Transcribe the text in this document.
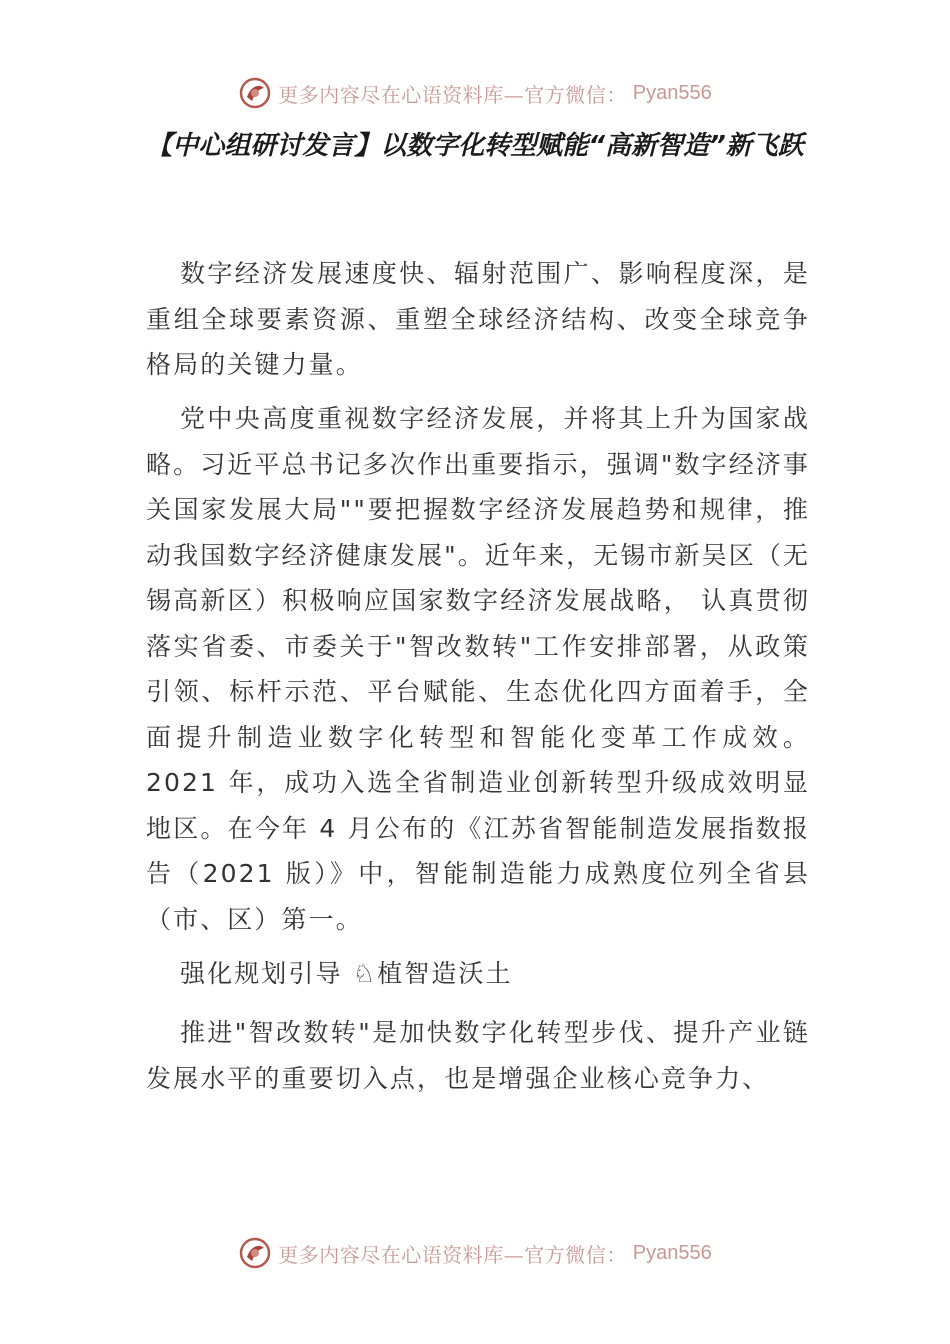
更多内容尽在心语资料库—官方微信： Pyan556
【中心组研讨发言】以数字化转型赋能“高新智造”新飞跃

数字经济发展速度快、辐射范围广、影响程度深，是重组全球要素资源、重塑全球经济结构、改变全球竞争格局的关键力量。

党中央高度重视数字经济发展，并将其上升为国家战略。习近平总书记多次作出重要指示，强调"数字经济事关国家发展大局""要把握数字经济发展趋势和规律，推动我国数字经济健康发展"。近年来，无锡市新吴区（无锡高新区）积极响应国家数字经济发展战略， 认真贯彻落实省委、市委关于"智改数转"工作安排部署，从政策引领、标杆示范、平台赋能、生态优化四方面着手，全面提升制造业数字化转型和智能化变革工作成效。2021 年，成功入选全省制造业创新转型升级成效明显地区。在今年 4 月公布的《江苏省智能制造发展指数报告（2021 版）》中，智能制造能力成熟度位列全省县（市、区）第一。

强化规划引导 ♘植智造沃土

推进"智改数转"是加快数字化转型步伐、提升产业链发展水平的重要切入点，也是增强企业核心竞争力、

更多内容尽在心语资料库—官方微信： Pyan556
